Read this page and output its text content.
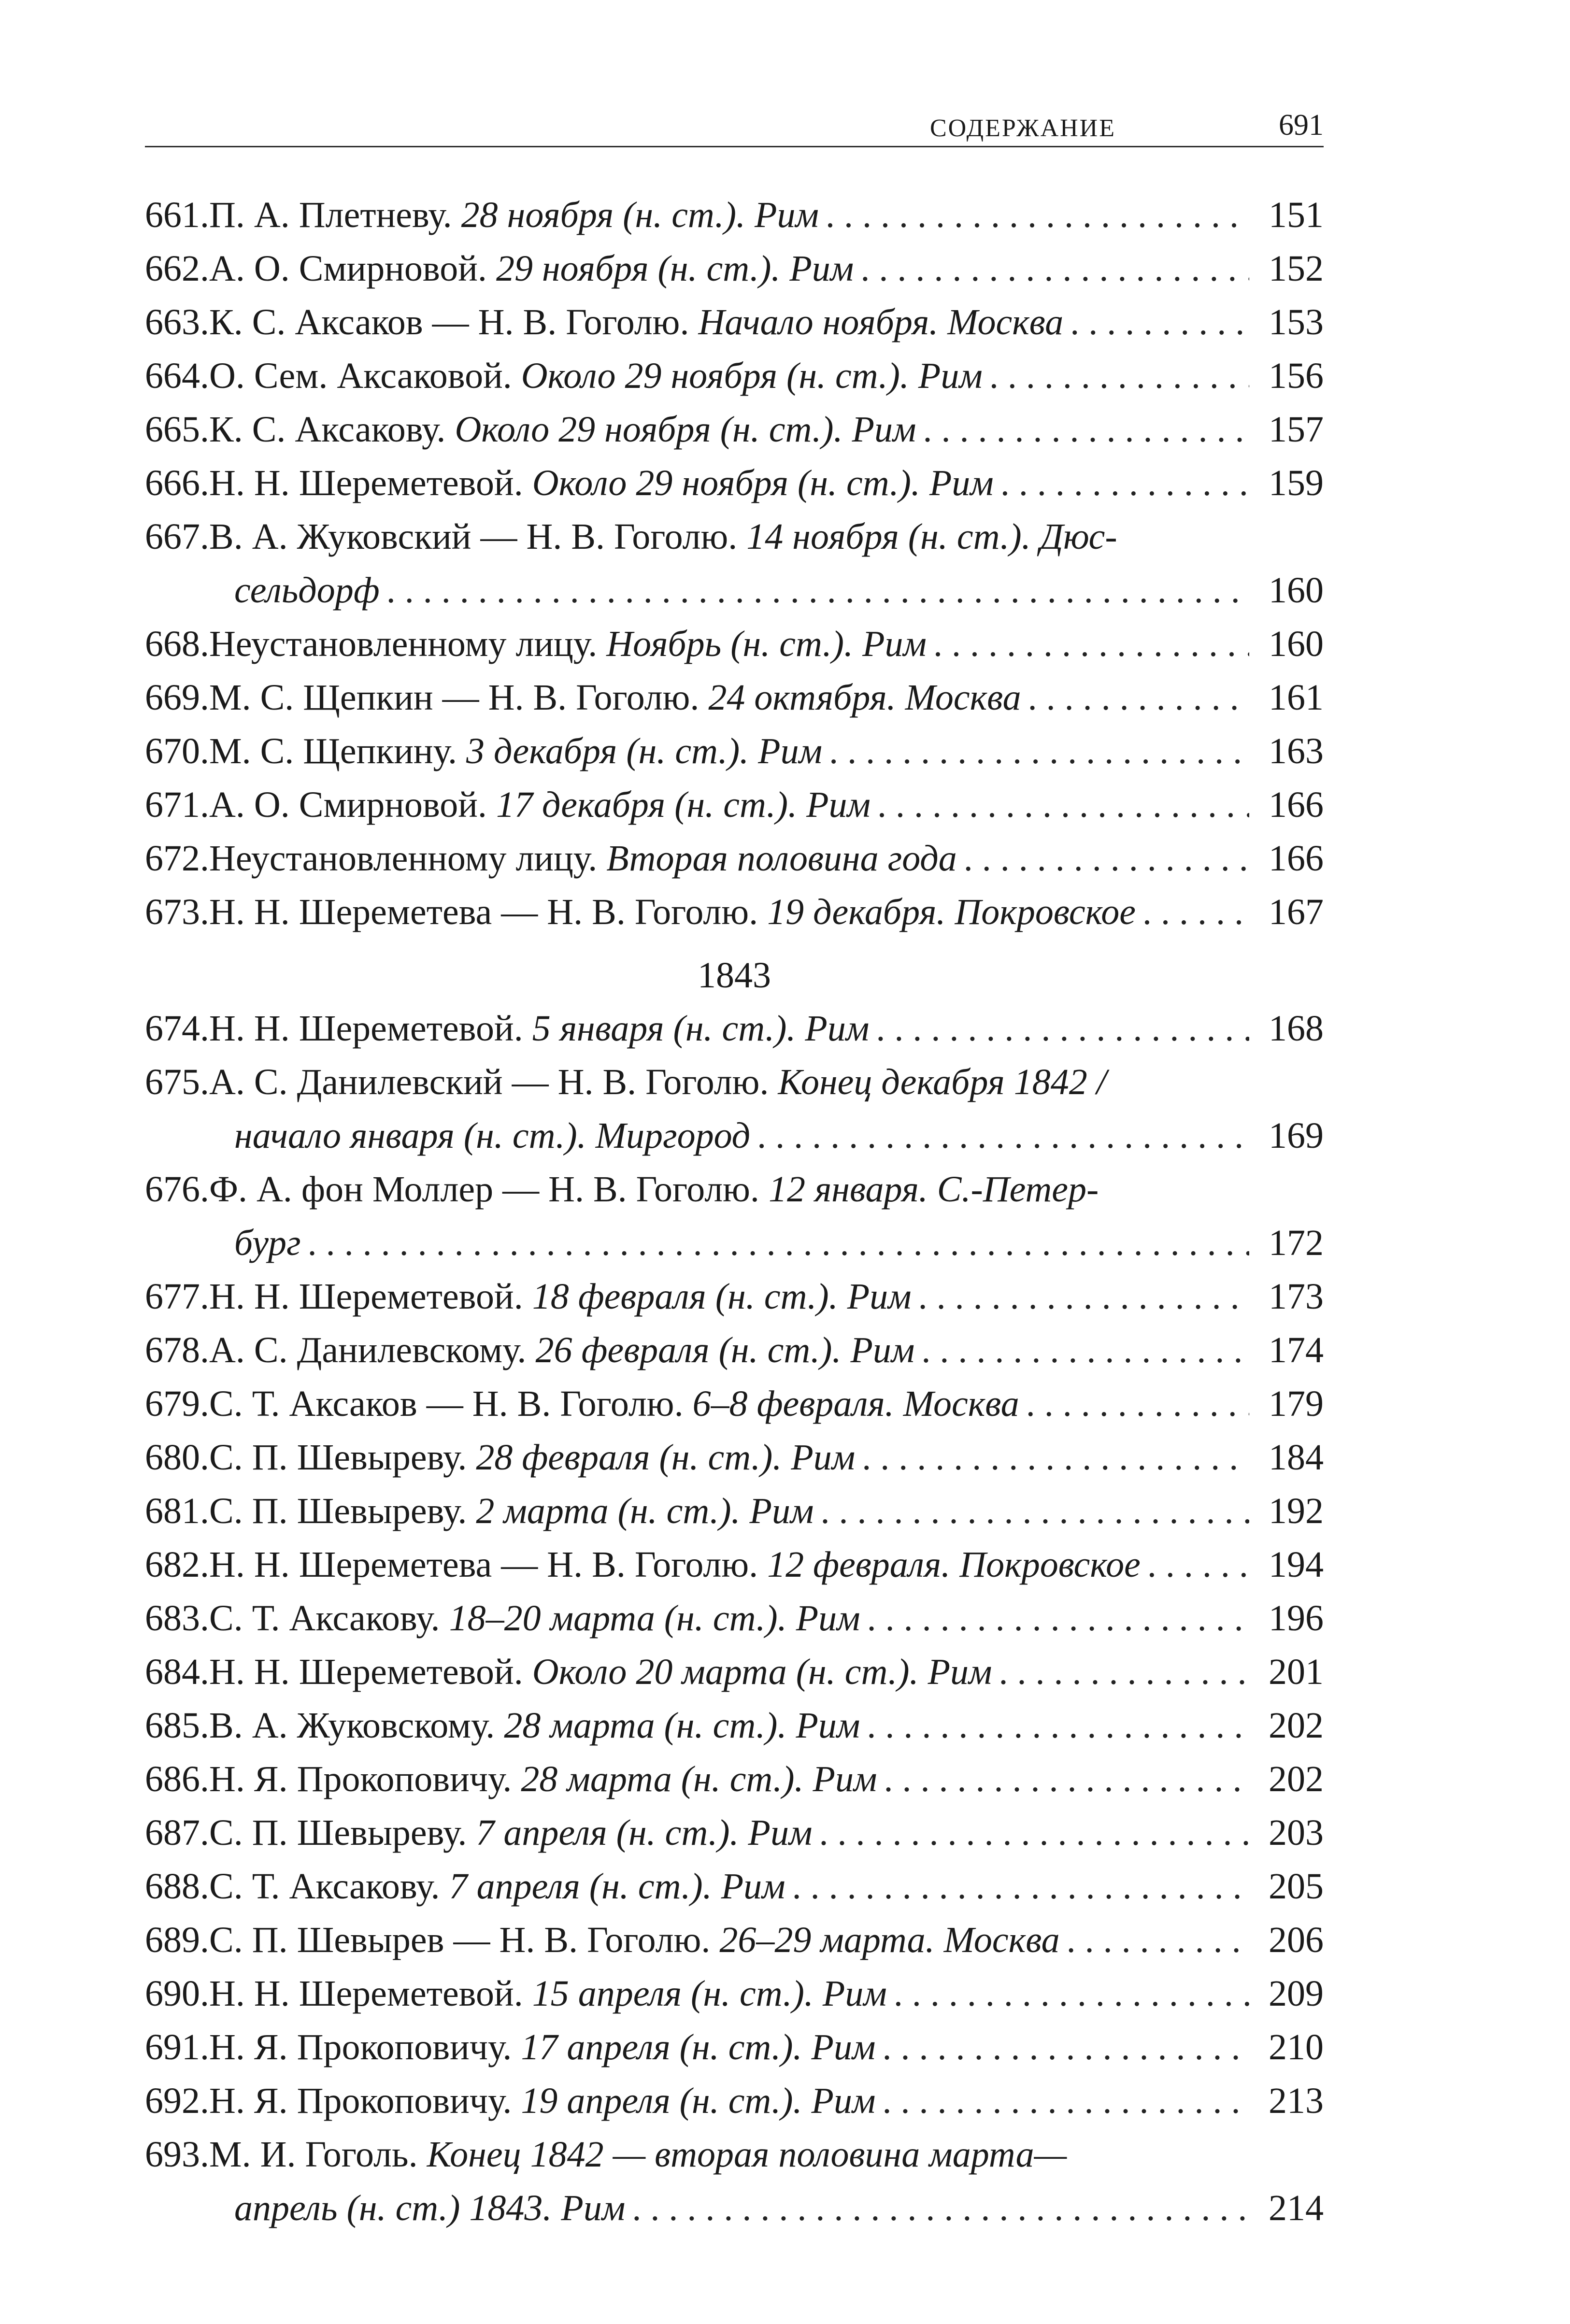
СОДЕРЖАНИЕ	691
661. П. А. Плетневу. 28 ноября (н. ст.). Рим . . .	151
662. А. О. Смирновой. 29 ноября (н. ст.). Рим . . .	152
663. К. С. Аксаков — Н. В. Гоголю. Начало ноября. Москва . . .	153
664. О. Сем. Аксаковой. Около 29 ноября (н. ст.). Рим . . .	156
665. К. С. Аксакову. Около 29 ноября (н. ст.). Рим . . .	157
666. Н. Н. Шереметевой. Около 29 ноября (н. ст.). Рим . . .	159
667. В. А. Жуковский — Н. В. Гоголю. 14 ноября (н. ст.). Дюс-
сельдорф . . .	160
668. Неустановленному лицу. Ноябрь (н. ст.). Рим . . .	160
669. М. С. Щепкин — Н. В. Гоголю. 24 октября. Москва . . .	161
670. М. С. Щепкину. 3 декабря (н. ст.). Рим . . .	163
671. А. О. Смирновой. 17 декабря (н. ст.). Рим . . .	166
672. Неустановленному лицу. Вторая половина года . . .	166
673. Н. Н. Шереметева — Н. В. Гоголю. 19 декабря. Покровское . . .	167
1843
674. Н. Н. Шереметевой. 5 января (н. ст.). Рим . . .	168
675. А. С. Данилевский — Н. В. Гоголю. Конец декабря 1842 /
начало января (н. ст.). Миргород . . .	169
676. Ф. А. фон Моллер — Н. В. Гоголю. 12 января. С.-Петер-
бург . . .	172
677. Н. Н. Шереметевой. 18 февраля (н. ст.). Рим . . .	173
678. А. С. Данилевскому. 26 февраля (н. ст.). Рим . . .	174
679. С. Т. Аксаков — Н. В. Гоголю. 6–8 февраля. Москва . . .	179
680. С. П. Шевыреву. 28 февраля (н. ст.). Рим . . .	184
681. С. П. Шевыреву. 2 марта (н. ст.). Рим . . .	192
682. Н. Н. Шереметева — Н. В. Гоголю. 12 февраля. Покровское . . .	194
683. С. Т. Аксакову. 18–20 марта (н. ст.). Рим . . .	196
684. Н. Н. Шереметевой. Около 20 марта (н. ст.). Рим . . .	201
685. В. А. Жуковскому. 28 марта (н. ст.). Рим . . .	202
686. Н. Я. Прокоповичу. 28 марта (н. ст.). Рим . . .	202
687. С. П. Шевыреву. 7 апреля (н. ст.). Рим . . .	203
688. С. Т. Аксакову. 7 апреля (н. ст.). Рим . . .	205
689. С. П. Шевырев — Н. В. Гоголю. 26–29 марта. Москва . . .	206
690. Н. Н. Шереметевой. 15 апреля (н. ст.). Рим . . .	209
691. Н. Я. Прокоповичу. 17 апреля (н. ст.). Рим . . .	210
692. Н. Я. Прокоповичу. 19 апреля (н. ст.). Рим . . .	213
693. М. И. Гоголь. Конец 1842 — вторая половина марта—
апрель (н. ст.) 1843. Рим . . .	214
